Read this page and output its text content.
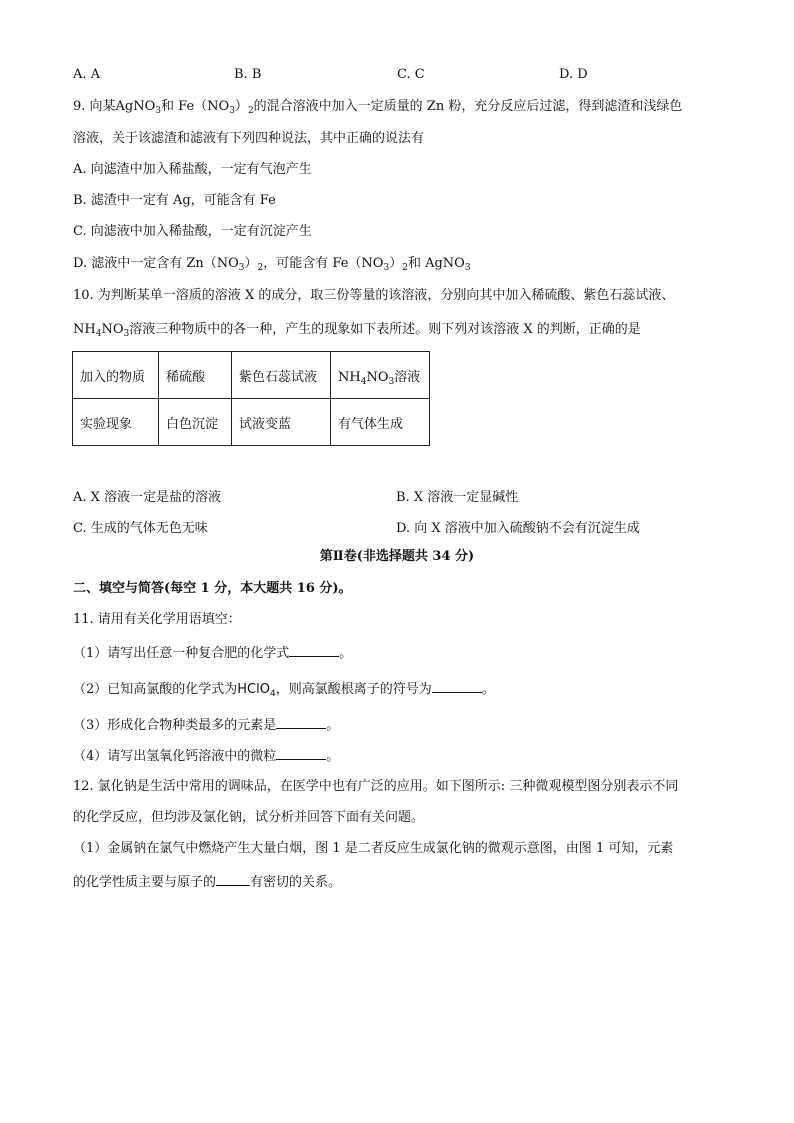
A. A	B. B	C. C	D. D
9. 向某AgNO$_3$和 $Fe(NO_3)_2$的混合溶液中加入一定质量的 Zn 粉，充分反应后过滤，得到滤渣和浅绿色
溶液，关于该滤渣和滤液有下列四种说法，其中正确的说法有
A. 向滤渣中加入稀盐酸，一定有气泡产生
B. 滤渣中一定有 Ag，可能含有 Fe
C. 向滤液中加入稀盐酸，一定有沉淀产生
D. 滤液中一定含有 $Zn(NO_3)_2$，可能含有 $Fe(NO_3)_2$和 AgNO$_3$
10. 为判断某单一溶质的溶液 X 的成分，取三份等量的该溶液，分别向其中加入稀硫酸、紫色石蕊试液、
$NH_4NO_3$溶液三种物质中的各一种，产生的现象如下表所述。则下列对该溶液 X 的判断，正确的是
加入的物质	稀硫酸	紫色石蕊试液	$NH_4NO_3$溶液
实验现象	白色沉淀	试液变蓝	有气体生成
A. X 溶液一定是盐的溶液	B. X 溶液一定显碱性
C. 生成的气体无色无味	D. 向 X 溶液中加入硫酸钠不会有沉淀生成
第Ⅱ卷(非选择题共 34 分)
二、填空与简答(每空 1 分，本大题共 16 分)。
11. 请用有关化学用语填空：
（1）请写出任意一种复合肥的化学式	。
（2）已知高氯酸的化学式为HClO$_4$，则高氯酸根离子的符号为	。
（3）形成化合物种类最多的元素是	。
（4）请写出氢氧化钙溶液中的微粒	。
12. 氯化钠是生活中常用的调味品，在医学中也有广泛的应用。如下图所示: 三种微观模型图分别表示不同
的化学反应，但均涉及氯化钠，试分析并回答下面有关问题。
（1）金属钠在氯气中燃烧产生大量白烟，图 1 是二者反应生成氯化钠的微观示意图，由图 1 可知，元素
的化学性质主要与原子的	有密切的关系。
